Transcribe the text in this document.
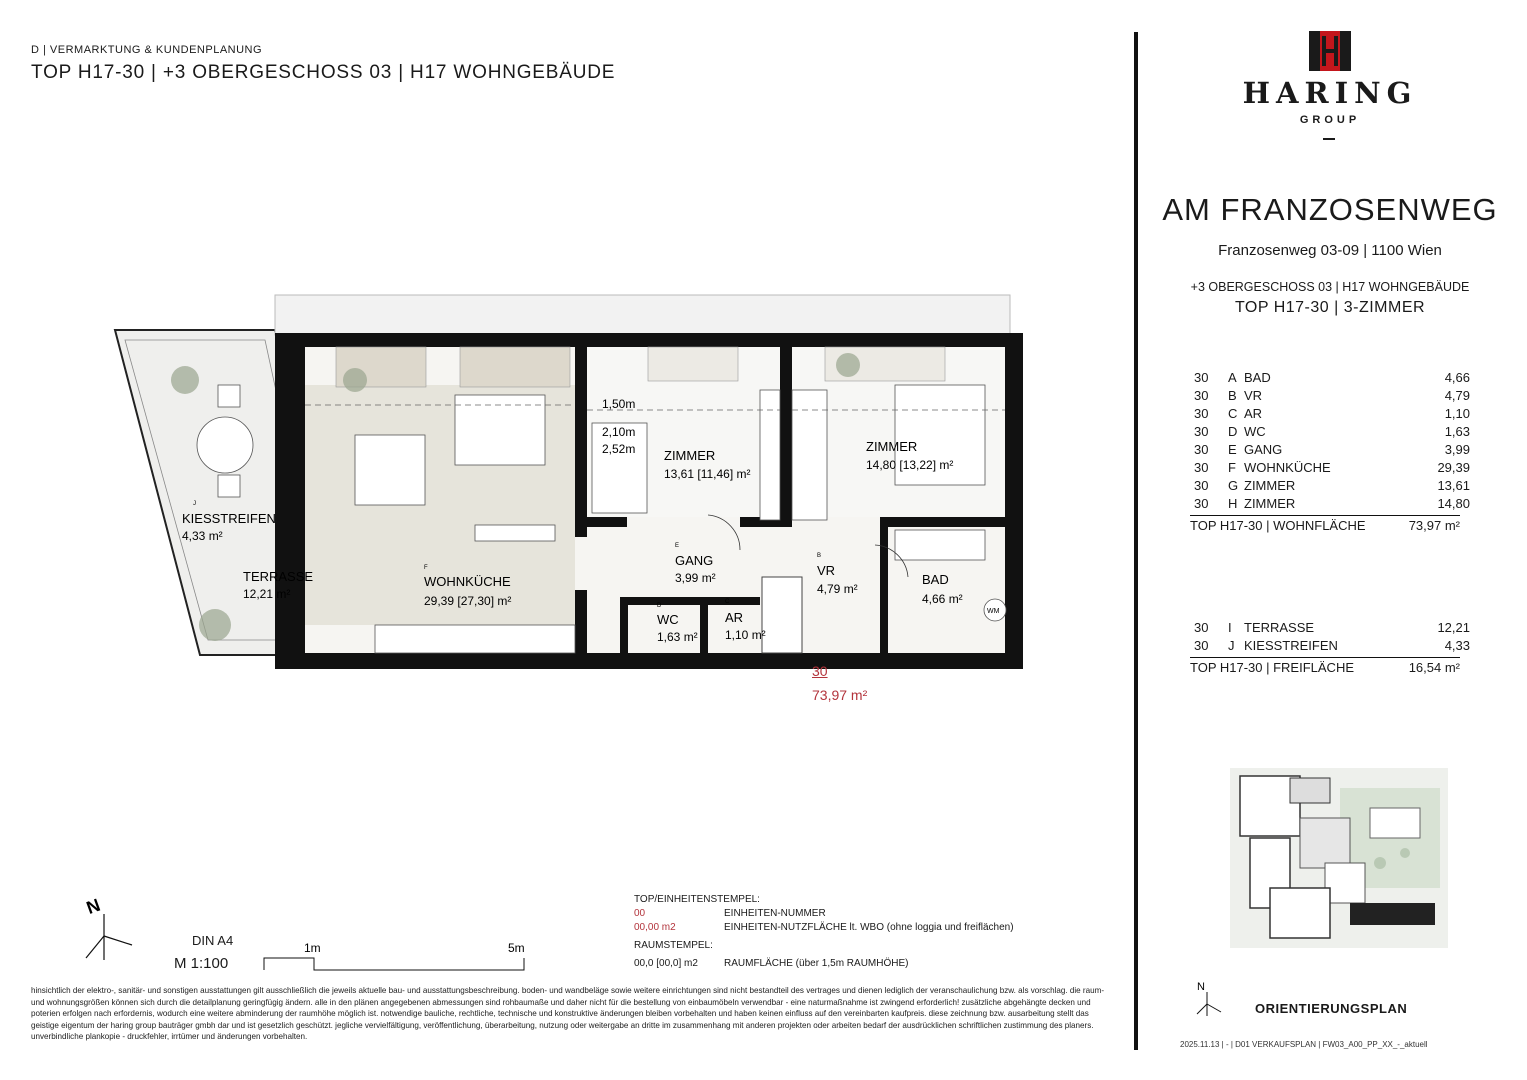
D | VERMARKTUNG & KUNDENPLANUNG
TOP H17-30 | +3 OBERGESCHOSS 03 | H17 WOHNGEBÄUDE
HARING
GROUP
AM FRANZOSENWEG
Franzosenweg 03-09 | 1100 Wien
+3 OBERGESCHOSS 03 | H17 WOHNGEBÄUDE
TOP H17-30 | 3-ZIMMER
30	A	BAD	4,66
30	B	VR	4,79
30	C	AR	1,10
30	D	WC	1,63
30	E	GANG	3,99
30	F	WOHNKÜCHE	29,39
30	G	ZIMMER	13,61
30	H	ZIMMER	14,80
TOP H17-30 | WOHNFLÄCHE	73,97 m²
30	I	TERRASSE	12,21
30	J	KIESSTREIFEN	4,33
TOP H17-30 | FREIFLÄCHE	16,54 m²
N
ORIENTIERUNGSPLAN
2025.11.13 | - | D01 VERKAUFSPLAN | FW03_A00_PP_XX_-_aktuell
J
KIESSTREIFEN
4,33 m²
TERRASSE
12,21 m²
F
WOHNKÜCHE
29,39 [27,30] m²
1,50m
2,10m
2,52m ZIMMER
13,61 [11,46] m²
ZIMMER
14,80 [13,22] m²
E
GANG
3,99 m²
B
VR
4,79 m²
BAD
4,66 m²
WM
D
WC
1,63 m²
C
AR
1,10 m²
30
73,97 m²
N
DIN A4
M 1:100
1m	5m
TOP/EINHEITENSTEMPEL:
00	EINHEITEN-NUMMER
00,00 m2	EINHEITEN-NUTZFLÄCHE lt. WBO (ohne loggia und freiflächen)
RAUMSTEMPEL:
00,0 [00,0] m2	RAUMFLÄCHE (über 1,5m RAUMHÖHE)
hinsichtlich der elektro-, sanitär- und sonstigen ausstattungen gilt ausschließlich die jeweils aktuelle bau- und ausstattungsbeschreibung. boden- und wandbeläge sowie weitere einrichtungen sind nicht bestandteil des vertrages und dienen lediglich der veranschaulichung bzw. als vorschlag. die raum- und wohnungsgrößen können sich durch die detailplanung geringfügig ändern. alle in den plänen angegebenen abmessungen sind rohbaumaße und daher nicht für die bestellung von einbaumöbeln verwendbar - eine naturmaßnahme ist zwingend erforderlich! zusätzliche abgehängte decken und poterien erfolgen nach erfordernis, wodurch eine weitere abminderung der raumhöhe möglich ist. notwendige bauliche, rechtliche, technische und konstruktive änderungen bleiben vorbehalten und haben keinen einfluss auf den vereinbarten kaufpreis. diese zeichnung bzw. ausarbeitung stellt das geistige eigentum der haring group bauträger gmbh dar und ist gesetzlich geschützt. jegliche vervielfältigung, veröffentlichung, überarbeitung, nutzung oder weitergabe an dritte im zusammenhang mit anderen projekten oder arbeiten bedarf der ausdrücklichen schriftlichen zustimmung des planers. unverbindliche plankopie - druckfehler, irrtümer und änderungen vorbehalten.
